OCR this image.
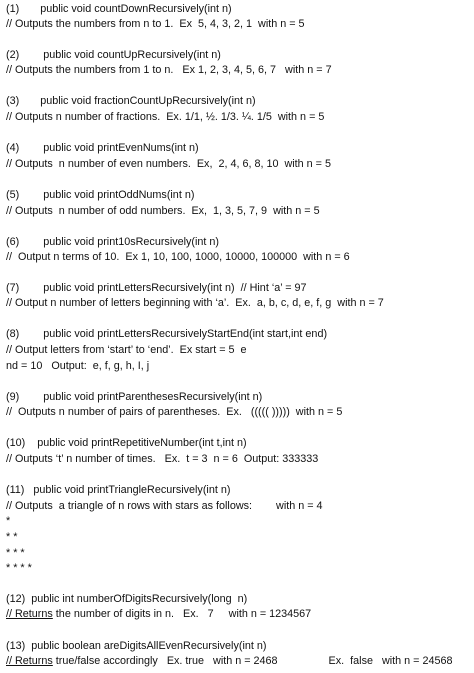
(1)       public void countDownRecursively(int n)
// Outputs the numbers from n to 1.  Ex  5, 4, 3, 2, 1  with n = 5
(2)        public void countUpRecursively(int n)
// Outputs the numbers from 1 to n.   Ex 1, 2, 3, 4, 5, 6, 7   with n = 7
(3)       public void fractionCountUpRecursively(int n)
// Outputs n number of fractions.  Ex. 1/1, ½. 1/3. ¼. 1/5  with n = 5
(4)        public void printEvenNums(int n)
// Outputs  n number of even numbers.  Ex,  2, 4, 6, 8, 10  with n = 5
(5)        public void printOddNums(int n)
// Outputs  n number of odd numbers.  Ex,  1, 3, 5, 7, 9  with n = 5
(6)        public void print10sRecursively(int n)
//  Output n terms of 10.  Ex 1, 10, 100, 1000, 10000, 100000  with n = 6
(7)        public void printLettersRecursively(int n)  // Hint ‘a’ = 97
// Output n number of letters beginning with ‘a’.  Ex.  a, b, c, d, e, f, g  with n = 7
(8)        public void printLettersRecursivelyStartEnd(int start,int end)
// Output letters from ‘start’ to ‘end’.  Ex start = 5  e
nd = 10   Output:  e, f, g, h, I, j
(9)        public void printParenthesesRecursively(int n)
//  Outputs n number of pairs of parentheses.  Ex.   ((((( )))))  with n = 5
(10)    public void printRepetitiveNumber(int t,int n)
// Outputs ‘t’ n number of times.   Ex.  t = 3  n = 6  Output: 333333
(11)   public void printTriangleRecursively(int n)
// Outputs  a triangle of n rows with stars as follows:        with n = 4
*
* *
* * *
* * * *
(12)  public int numberOfDigitsRecursively(long  n)
// Returns the number of digits in n.   Ex.   7     with n = 1234567
(13)  public boolean areDigitsAllEvenRecursively(int n)
// Returns true/false accordingly   Ex. true   with n = 2468                 Ex.  false   with n = 24568
